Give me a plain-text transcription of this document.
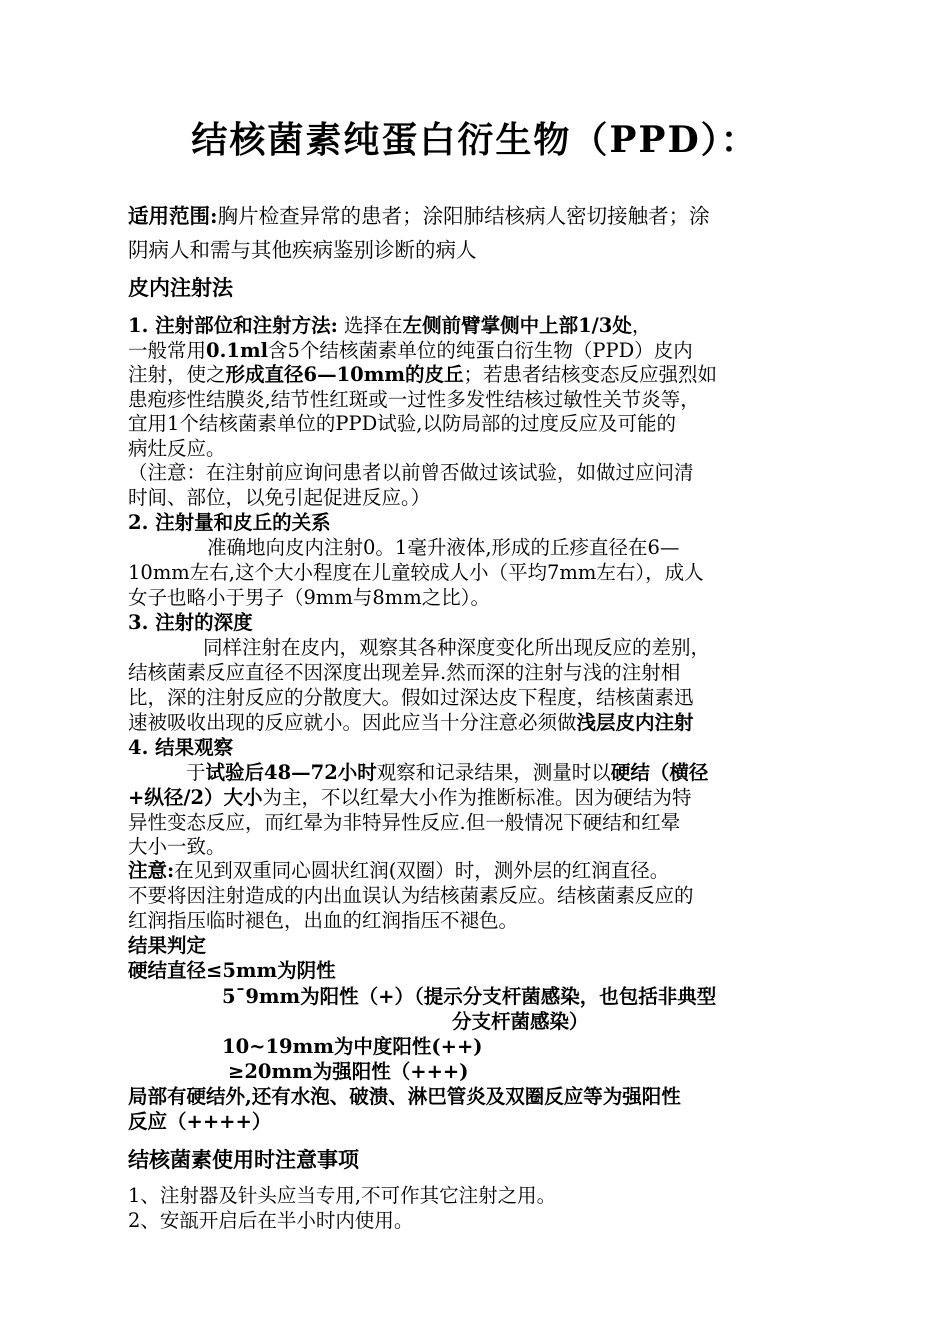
结核菌素纯蛋白衍生物（PPD）：
适用范围:胸片检查异常的患者；涂阳肺结核病人密切接触者；涂
阴病人和需与其他疾病鉴别诊断的病人
皮内注射法
1. 注射部位和注射方法: 选择在左侧前臂掌侧中上部1/3处，
一般常用0.1ml含5个结核菌素单位的纯蛋白衍生物（PPD）皮内
注射，使之形成直径6—10mm的皮丘；若患者结核变态反应强烈如
患疱疹性结膜炎,结节性红斑或一过性多发性结核过敏性关节炎等，
宜用1个结核菌素单位的PPD试验,以防局部的过度反应及可能的
病灶反应。
（注意：在注射前应询问患者以前曾否做过该试验，如做过应问清
时间、部位，以免引起促进反应。）
2. 注射量和皮丘的关系
准确地向皮内注射0。1毫升液体,形成的丘疹直径在6—
10mm左右,这个大小程度在儿童较成人小（平均7mm左右），成人
女子也略小于男子（9mm与8mm之比）。
3. 注射的深度
同样注射在皮内，观察其各种深度变化所出现反应的差别，
结核菌素反应直径不因深度出现差异.然而深的注射与浅的注射相
比，深的注射反应的分散度大。假如过深达皮下程度，结核菌素迅
速被吸收出现的反应就小。因此应当十分注意必须做浅层皮内注射
4. 结果观察
于试验后48—72小时观察和记录结果，测量时以硬结（横径
+纵径/2）大小为主，不以红晕大小作为推断标准。因为硬结为特
异性变态反应，而红晕为非特异性反应.但一般情况下硬结和红晕
大小一致。
注意:在见到双重同心圆状红润(双圈）时，测外层的红润直径。
不要将因注射造成的内出血误认为结核菌素反应。结核菌素反应的
红润指压临时褪色，出血的红润指压不褪色。
结果判定
硬结直径≤5mm为阴性
5¯9mm为阳性（+）（提示分支杆菌感染，也包括非典型
分支杆菌感染）
10~19mm为中度阳性(++)
≥20mm为强阳性（+++)
局部有硬结外,还有水泡、破溃、淋巴管炎及双圈反应等为强阳性
反应（++++）
结核菌素使用时注意事项
1、注射器及针头应当专用,不可作其它注射之用。
2、安瓿开启后在半小时内使用。
